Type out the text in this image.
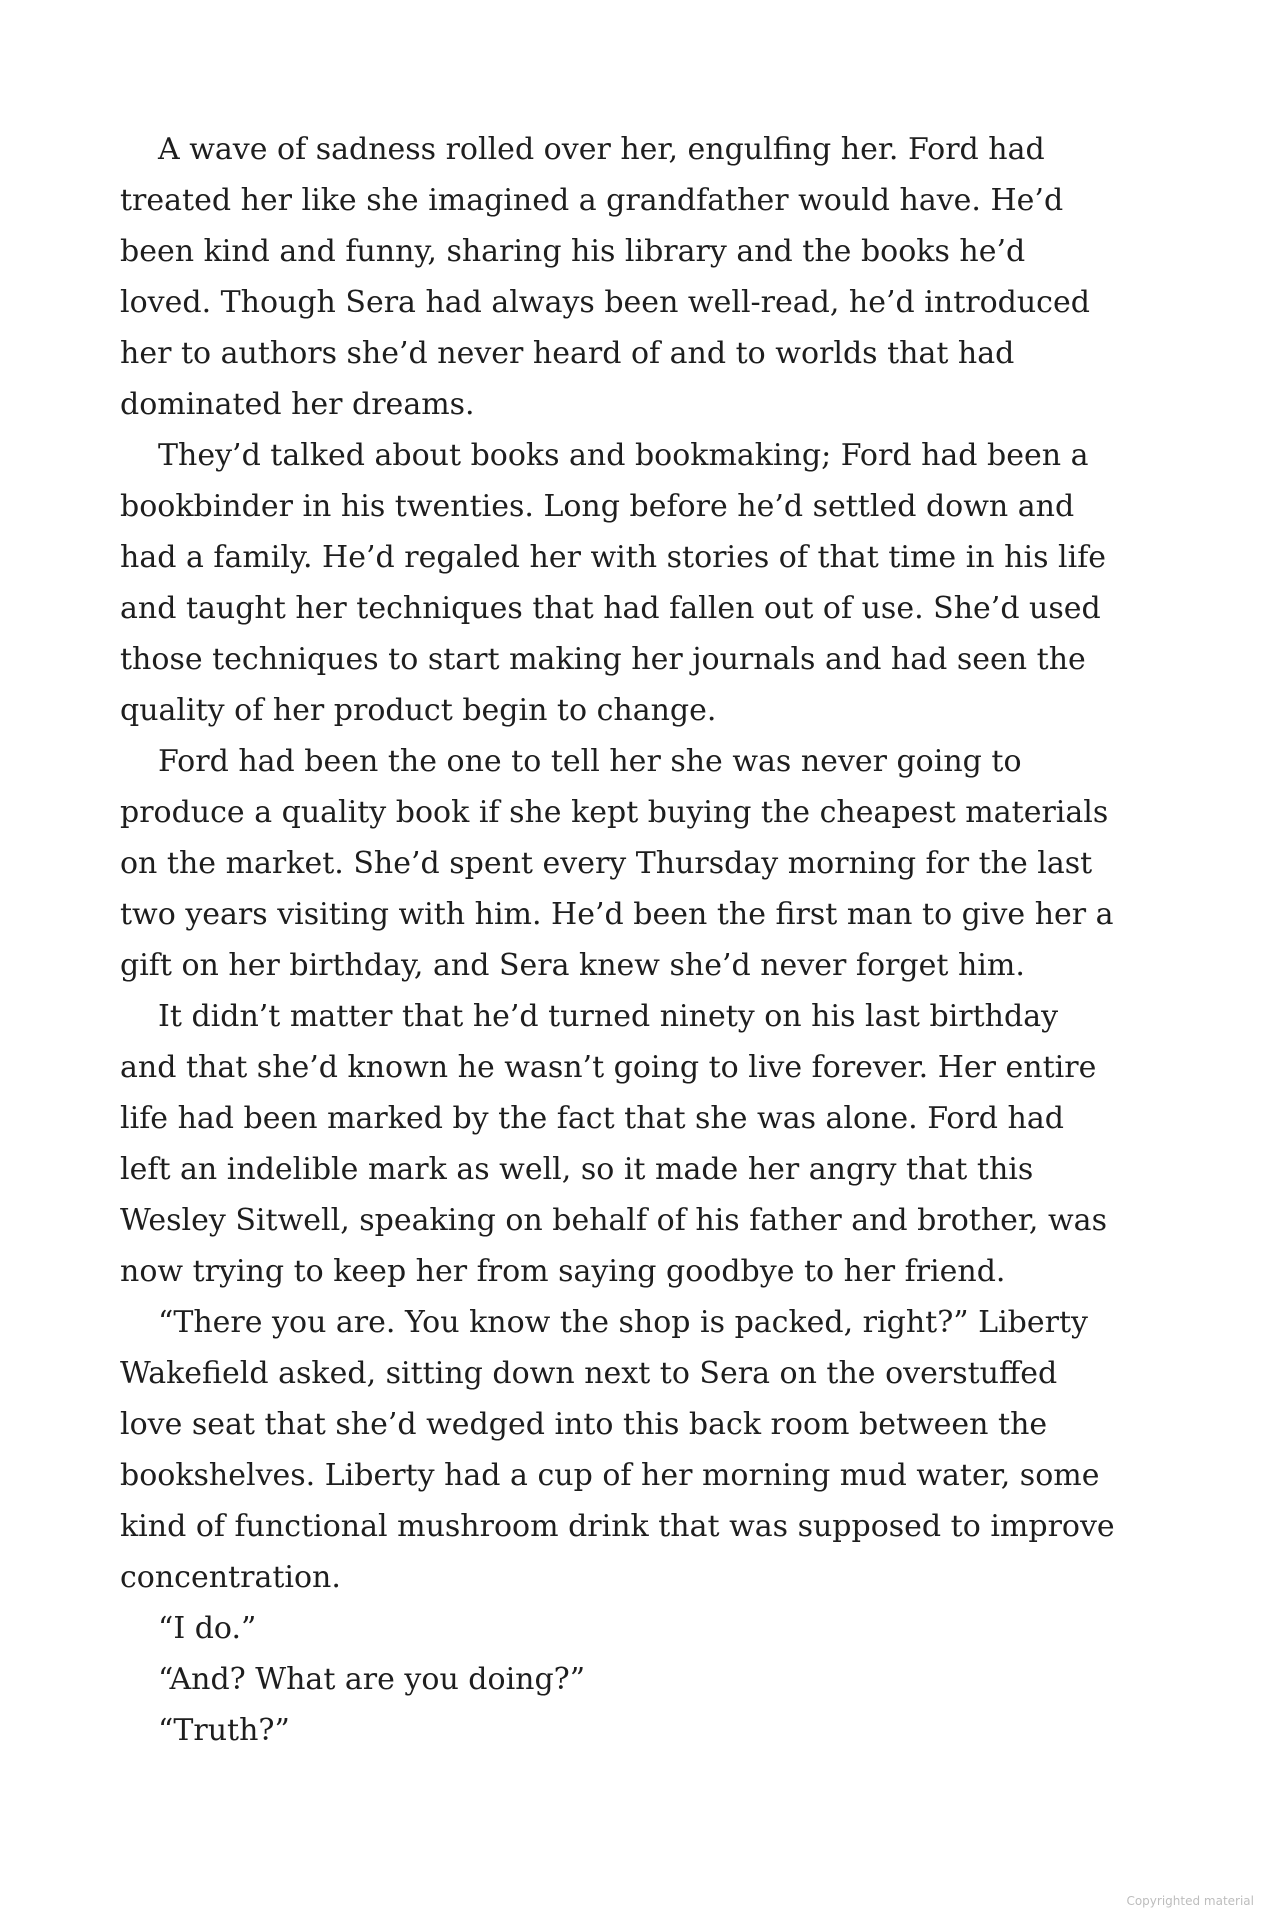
A wave of sadness rolled over her, engulfing her. Ford had
treated her like she imagined a grandfather would have. He’d
been kind and funny, sharing his library and the books he’d
loved. Though Sera had always been well-read, he’d introduced
her to authors she’d never heard of and to worlds that had
dominated her dreams.

They’d talked about books and bookmaking; Ford had been a
bookbinder in his twenties. Long before he’d settled down and
had a family. He’d regaled her with stories of that time in his life
and taught her techniques that had fallen out of use. She’d used
those techniques to start making her journals and had seen the
quality of her product begin to change.

Ford had been the one to tell her she was never going to
produce a quality book if she kept buying the cheapest materials
on the market. She’d spent every Thursday morning for the last
two years visiting with him. He’d been the first man to give her a
gift on her birthday, and Sera knew she’d never forget him.

It didn’t matter that he’d turned ninety on his last birthday
and that she’d known he wasn’t going to live forever. Her entire
life had been marked by the fact that she was alone. Ford had
left an indelible mark as well, so it made her angry that this
Wesley Sitwell, speaking on behalf of his father and brother, was
now trying to keep her from saying goodbye to her friend.

“There you are. You know the shop is packed, right?” Liberty
Wakefield asked, sitting down next to Sera on the overstuffed
love seat that she’d wedged into this back room between the
bookshelves. Liberty had a cup of her morning mud water, some
kind of functional mushroom drink that was supposed to improve
concentration.

“I do.”

“And? What are you doing?”

“Truth?”

Copyrighted material
